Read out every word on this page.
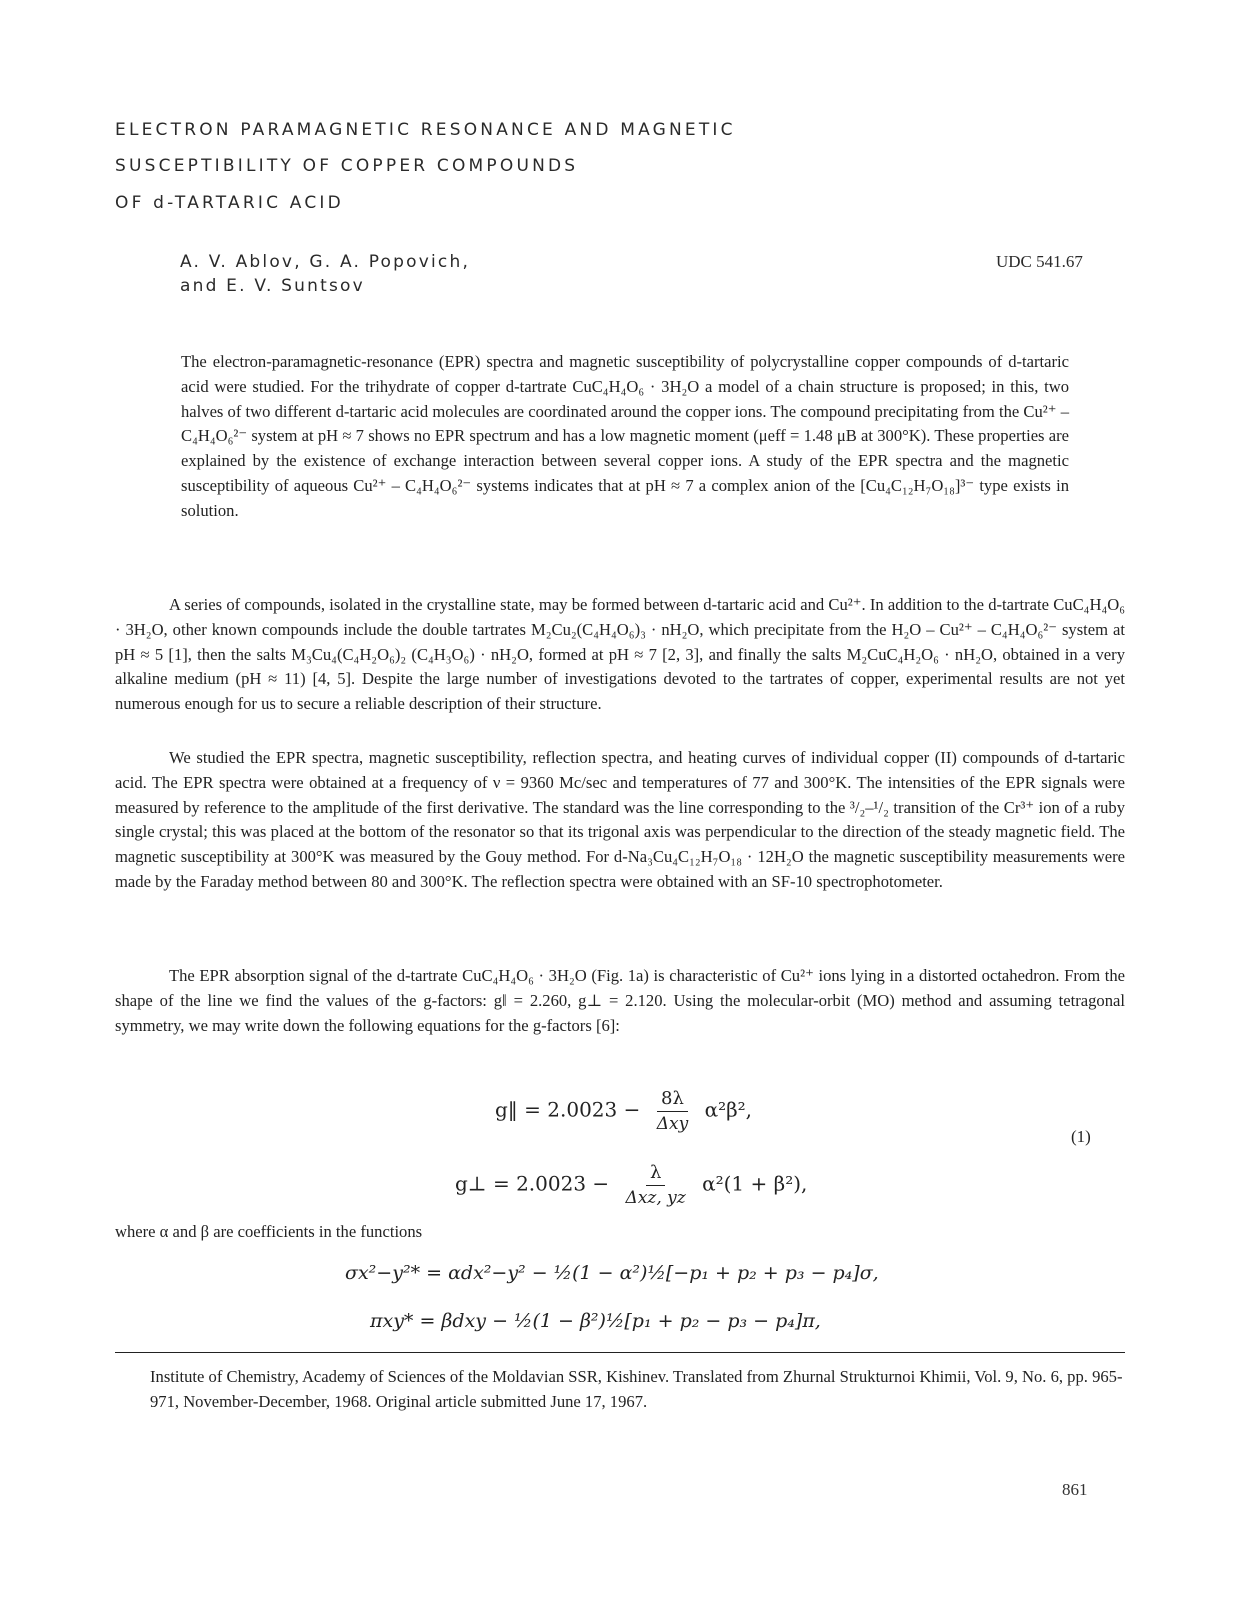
ELECTRON PARAMAGNETIC RESONANCE AND MAGNETIC
SUSCEPTIBILITY OF COPPER COMPOUNDS
OF d-TARTARIC ACID
A. V. Ablov, G. A. Popovich,
and E. V. Suntsov
UDC 541.67
The electron-paramagnetic-resonance (EPR) spectra and magnetic susceptibility of polycrystalline copper compounds of d-tartaric acid were studied. For the trihydrate of copper d-tartrate CuC₄H₄O₆ · 3H₂O a model of a chain structure is proposed; in this, two halves of two different d-tartaric acid molecules are coordinated around the copper ions. The compound precipitating from the Cu²⁺ – C₄H₄O₆²⁻ system at pH ≈ 7 shows no EPR spectrum and has a low magnetic moment (μeff = 1.48 μB at 300°K). These properties are explained by the existence of exchange interaction between several copper ions. A study of the EPR spectra and the magnetic susceptibility of aqueous Cu²⁺ – C₄H₄O₆²⁻ systems indicates that at pH ≈ 7 a complex anion of the [Cu₄C₁₂H₇O₁₈]³⁻ type exists in solution.
A series of compounds, isolated in the crystalline state, may be formed between d-tartaric acid and Cu²⁺. In addition to the d-tartrate CuC₄H₄O₆ · 3H₂O, other known compounds include the double tartrates M₂Cu₂(C₄H₄O₆)₃ · nH₂O, which precipitate from the H₂O – Cu²⁺ – C₄H₄O₆²⁻ system at pH ≈ 5 [1], then the salts M₃Cu₄(C₄H₂O₆)₂ (C₄H₃O₆) · nH₂O, formed at pH ≈ 7 [2, 3], and finally the salts M₂CuC₄H₂O₆ · nH₂O, obtained in a very alkaline medium (pH ≈ 11) [4, 5]. Despite the large number of investigations devoted to the tartrates of copper, experimental results are not yet numerous enough for us to secure a reliable description of their structure.
We studied the EPR spectra, magnetic susceptibility, reflection spectra, and heating curves of individual copper (II) compounds of d-tartaric acid. The EPR spectra were obtained at a frequency of ν = 9360 Mc/sec and temperatures of 77 and 300°K. The intensities of the EPR signals were measured by reference to the amplitude of the first derivative. The standard was the line corresponding to the ³/₂–¹/₂ transition of the Cr³⁺ ion of a ruby single crystal; this was placed at the bottom of the resonator so that its trigonal axis was perpendicular to the direction of the steady magnetic field. The magnetic susceptibility at 300°K was measured by the Gouy method. For d-Na₃Cu₄C₁₂H₇O₁₈ · 12H₂O the magnetic susceptibility measurements were made by the Faraday method between 80 and 300°K. The reflection spectra were obtained with an SF-10 spectrophotometer.
The EPR absorption signal of the d-tartrate CuC₄H₄O₆ · 3H₂O (Fig. 1a) is characteristic of Cu²⁺ ions lying in a distorted octahedron. From the shape of the line we find the values of the g-factors: g‖ = 2.260, g⊥ = 2.120. Using the molecular-orbit (MO) method and assuming tetragonal symmetry, we may write down the following equations for the g-factors [6]:
g‖ = $2.0023 - \frac{8\lambda}{\text{Δxy}} \alpha^2\beta^2$,
g⊥ = $2.0023 - \frac{\lambda}{\text{Δxz, yz}} \alpha^2(1 + \beta^2)$,
(1)
where α and β are coefficients in the functions
σx²−y²* = αdx²−y² − ½(1 − α²)½[−p₁ + p₂ + p₃ − p₄]σ,
πxy* = βdxy − ½(1 − β²)½[p₁ + p₂ − p₃ − p₄]π,
Institute of Chemistry, Academy of Sciences of the Moldavian SSR, Kishinev. Translated from Zhurnal Strukturnoi Khimii, Vol. 9, No. 6, pp. 965-971, November-December, 1968. Original article submitted June 17, 1967.
861
